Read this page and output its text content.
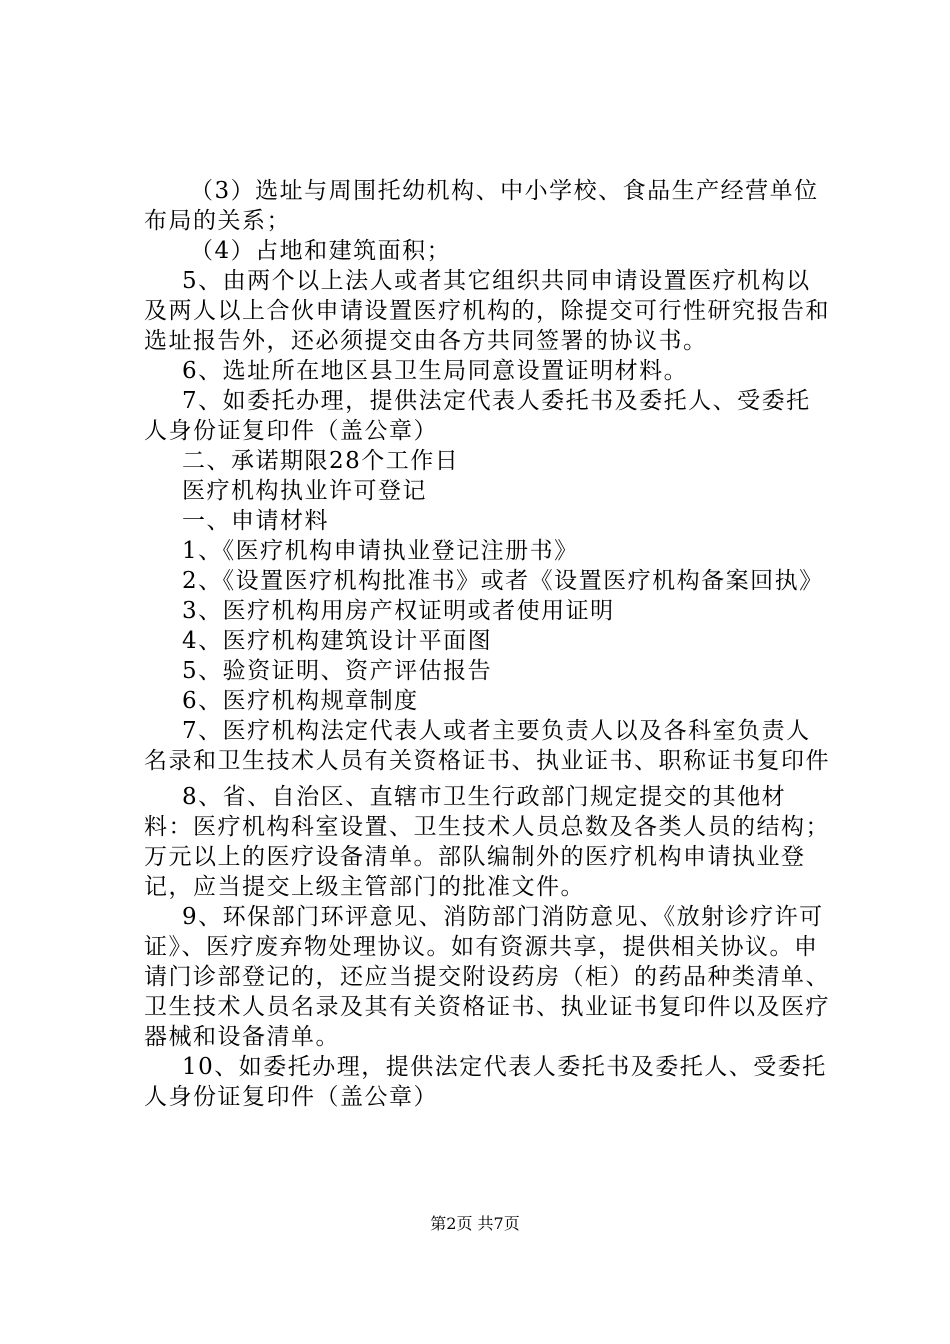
（3）选址与周围托幼机构、中小学校、食品生产经营单位布局的关系；

（4）占地和建筑面积；

5、由两个以上法人或者其它组织共同申请设置医疗机构以及两人以上合伙申请设置医疗机构的，除提交可行性研究报告和选址报告外，还必须提交由各方共同签署的协议书。

6、选址所在地区县卫生局同意设置证明材料。

7、如委托办理，提供法定代表人委托书及委托人、受委托人身份证复印件（盖公章）

二、承诺期限28个工作日

医疗机构执业许可登记

一、申请材料

1、《医疗机构申请执业登记注册书》

2、《设置医疗机构批准书》或者《设置医疗机构备案回执》

3、医疗机构用房产权证明或者使用证明

4、医疗机构建筑设计平面图

5、验资证明、资产评估报告

6、医疗机构规章制度

7、医疗机构法定代表人或者主要负责人以及各科室负责人名录和卫生技术人员有关资格证书、执业证书、职称证书复印件

8、省、自治区、直辖市卫生行政部门规定提交的其他材料：医疗机构科室设置、卫生技术人员总数及各类人员的结构；万元以上的医疗设备清单。部队编制外的医疗机构申请执业登记，应当提交上级主管部门的批准文件。

9、环保部门环评意见、消防部门消防意见、《放射诊疗许可证》、医疗废弃物处理协议。如有资源共享，提供相关协议。申请门诊部登记的，还应当提交附设药房（柜）的药品种类清单、卫生技术人员名录及其有关资格证书、执业证书复印件以及医疗器械和设备清单。

10、如委托办理，提供法定代表人委托书及委托人、受委托人身份证复印件（盖公章）

第2页 共7页
